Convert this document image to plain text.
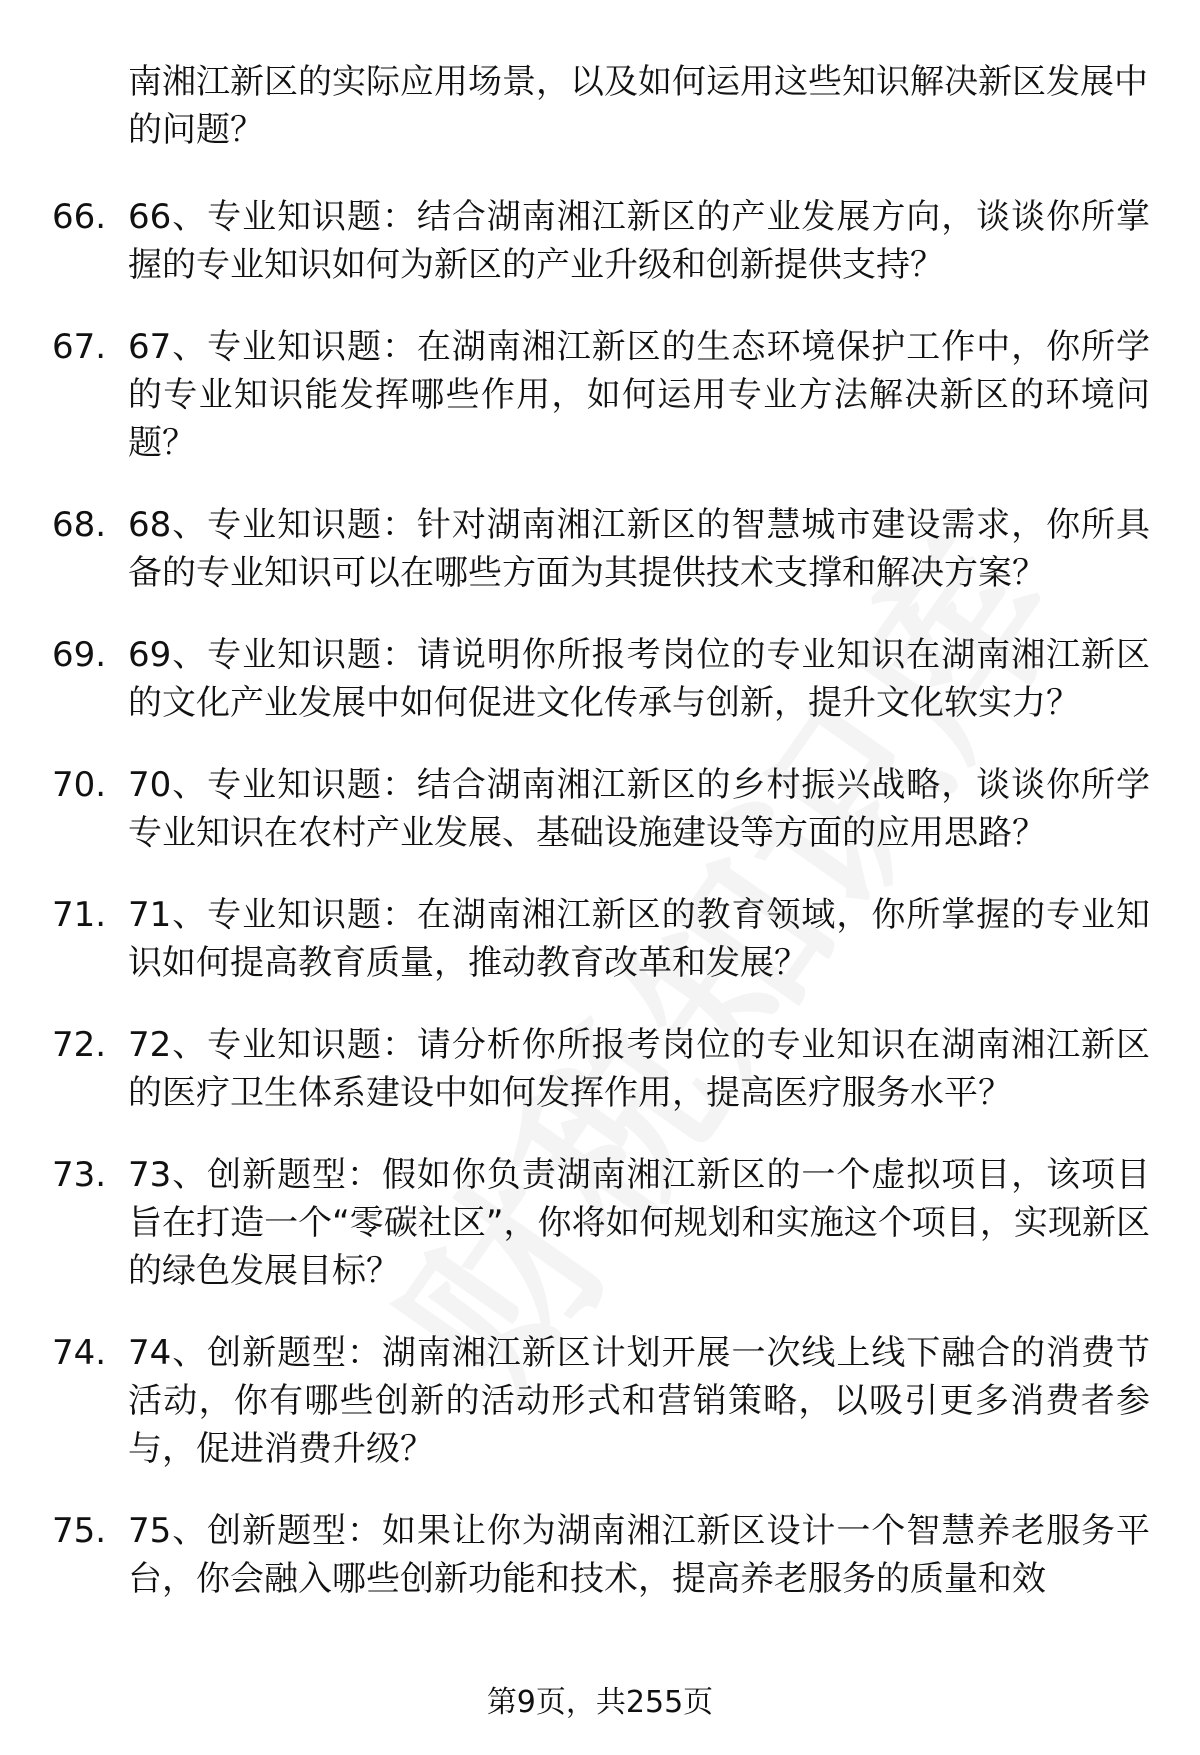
南湘江新区的实际应用场景，以及如何运用这些知识解决新区发展中的问题？

66. 66、专业知识题：结合湖南湘江新区的产业发展方向，谈谈你所掌握的专业知识如何为新区的产业升级和创新提供支持？
67. 67、专业知识题：在湖南湘江新区的生态环境保护工作中，你所学的专业知识能发挥哪些作用，如何运用专业方法解决新区的环境问题？
68. 68、专业知识题：针对湖南湘江新区的智慧城市建设需求，你所具备的专业知识可以在哪些方面为其提供技术支撑和解决方案？
69. 69、专业知识题：请说明你所报考岗位的专业知识在湖南湘江新区的文化产业发展中如何促进文化传承与创新，提升文化软实力？
70. 70、专业知识题：结合湖南湘江新区的乡村振兴战略，谈谈你所学专业知识在农村产业发展、基础设施建设等方面的应用思路？
71. 71、专业知识题：在湖南湘江新区的教育领域，你所掌握的专业知识如何提高教育质量，推动教育改革和发展？
72. 72、专业知识题：请分析你所报考岗位的专业知识在湖南湘江新区的医疗卫生体系建设中如何发挥作用，提高医疗服务水平？
73. 73、创新题型：假如你负责湖南湘江新区的一个虚拟项目，该项目旨在打造一个“零碳社区”，你将如何规划和实施这个项目，实现新区的绿色发展目标？
74. 74、创新题型：湖南湘江新区计划开展一次线上线下融合的消费节活动，你有哪些创新的活动形式和营销策略，以吸引更多消费者参与，促进消费升级？
75. 75、创新题型：如果让你为湖南湘江新区设计一个智慧养老服务平台，你会融入哪些创新功能和技术，提高养老服务的质量和效
第9页，共255页
